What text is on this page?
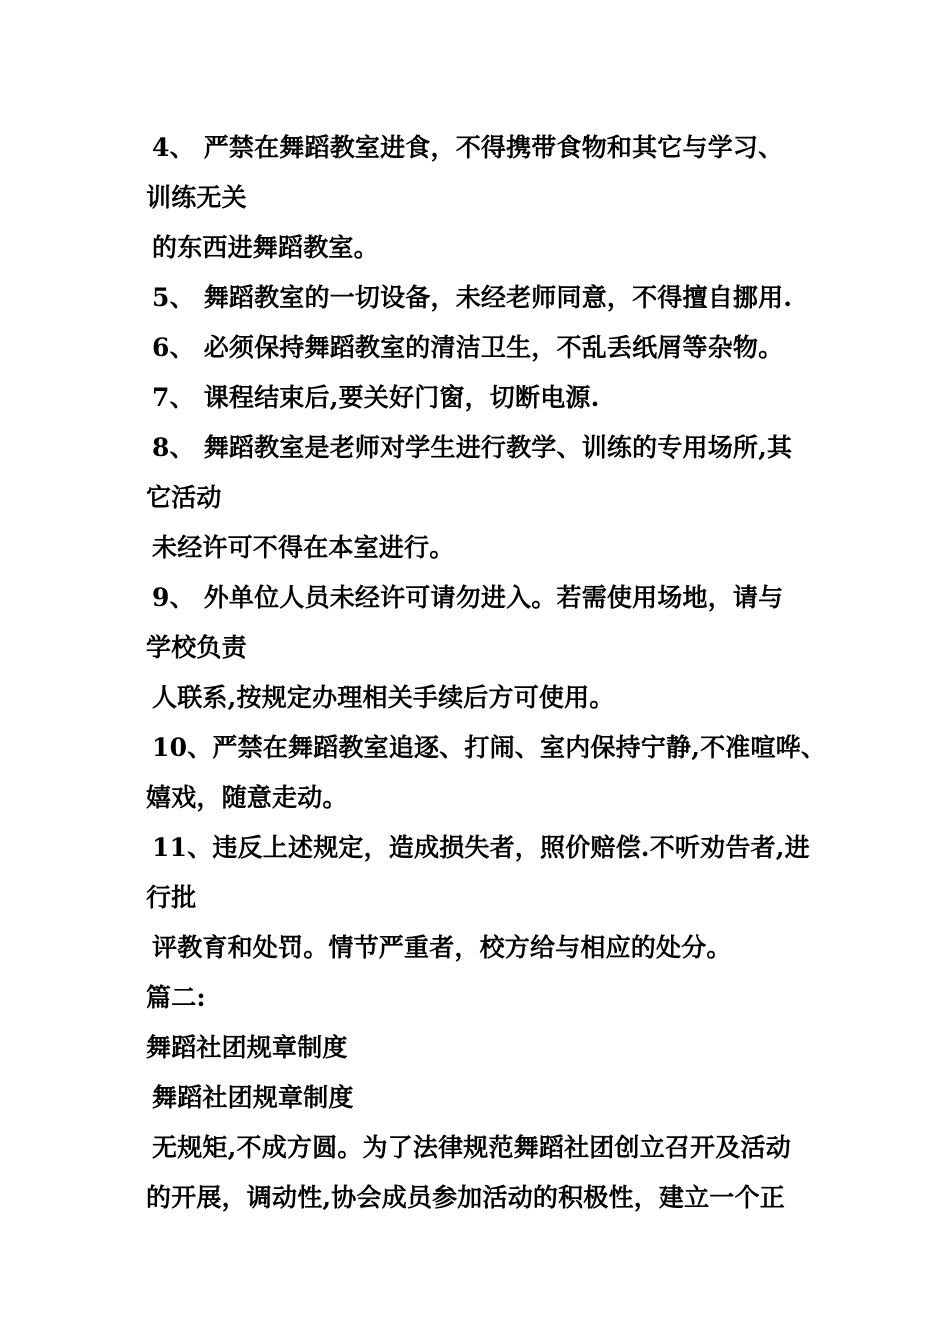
4、 严禁在舞蹈教室进食，不得携带食物和其它与学习、
训练无关
的东西进舞蹈教室。
5、 舞蹈教室的一切设备，未经老师同意，不得擅自挪用.
6、 必须保持舞蹈教室的清洁卫生，不乱丢纸屑等杂物。
7、 课程结束后,要关好门窗，切断电源.
8、 舞蹈教室是老师对学生进行教学、训练的专用场所,其
它活动
未经许可不得在本室进行。
9、 外单位人员未经许可请勿进入。若需使用场地，请与
学校负责
人联系,按规定办理相关手续后方可使用。
10、严禁在舞蹈教室追逐、打闹、室内保持宁静,不准喧哗、
嬉戏，随意走动。
11、违反上述规定，造成损失者，照价赔偿.不听劝告者,进
行批
评教育和处罚。情节严重者，校方给与相应的处分。
篇二:
舞蹈社团规章制度
舞蹈社团规章制度
无规矩,不成方圆。为了法律规范舞蹈社团创立召开及活动
的开展，调动性,协会成员参加活动的积极性，建立一个正
